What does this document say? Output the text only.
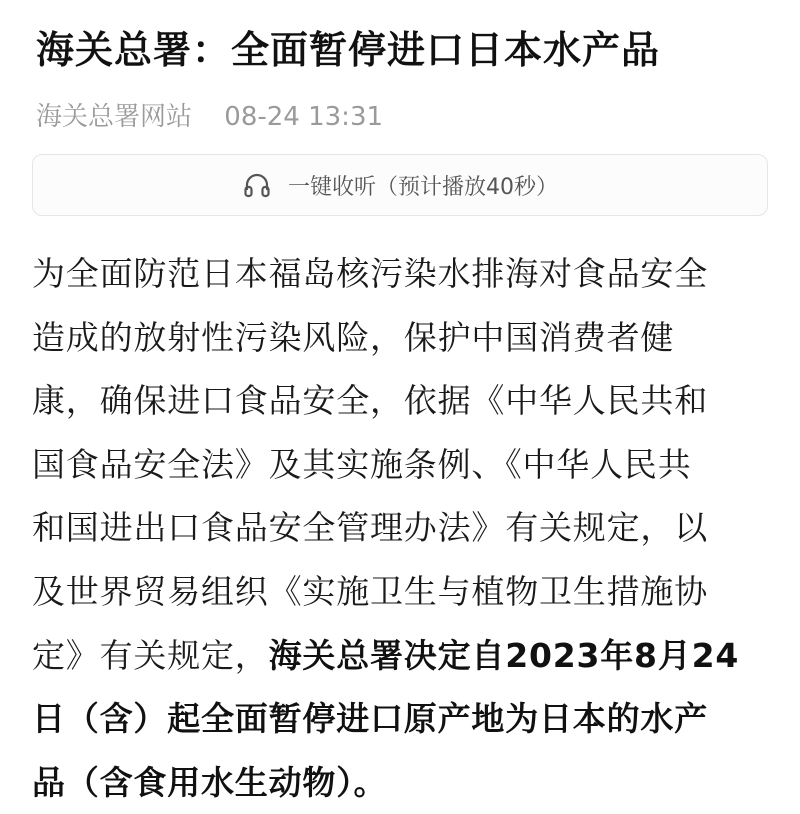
海关总署：全面暂停进口日本水产品
海关总署网站 08-24 13:31
一键收听（预计播放40秒）
为全面防范日本福岛核污染水排海对食品安全
造成的放射性污染风险，保护中国消费者健
康，确保进口食品安全，依据《中华人民共和
国食品安全法》及其实施条例、《中华人民共
和国进出口食品安全管理办法》有关规定，以
及世界贸易组织《实施卫生与植物卫生措施协
定》有关规定，海关总署决定自2023年8月24
日（含）起全面暂停进口原产地为日本的水产
品（含食用水生动物）。
